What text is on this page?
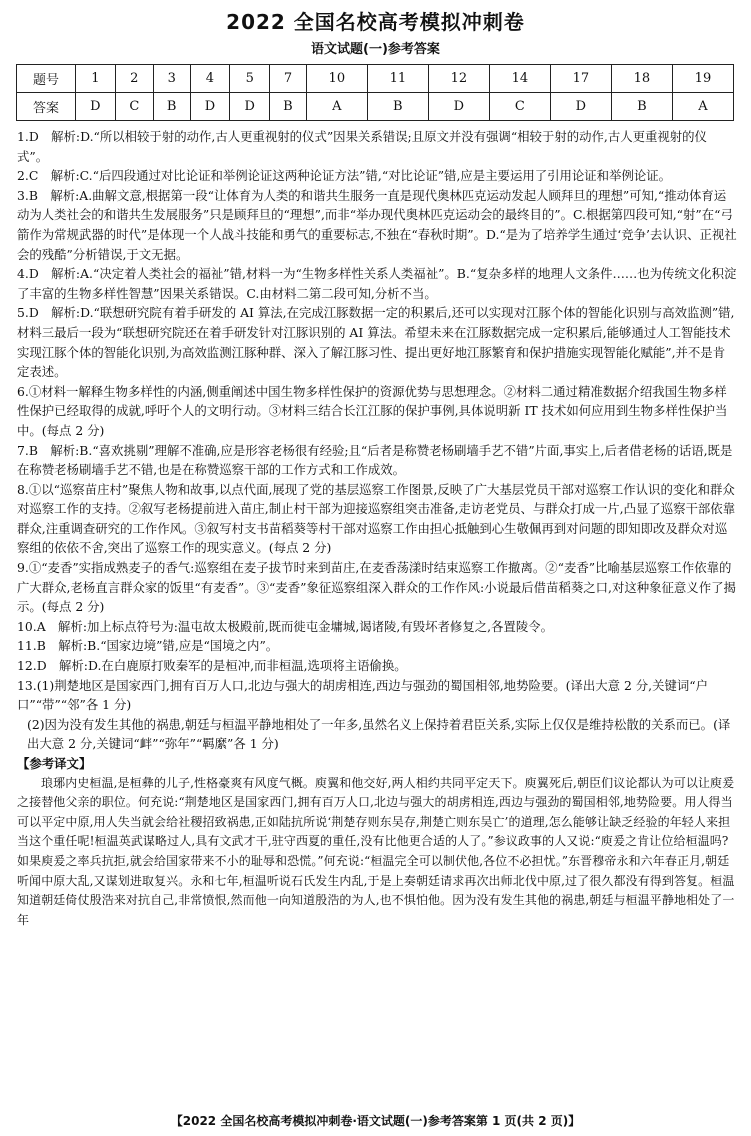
2022 全国名校高考模拟冲刺卷
语文试题(一)参考答案
题号	1	2	3	4	5	7	10	11	12	14	17	18	19
答案	D	C	B	D	D	B	A	B	D	C	D	B	A

1.D　解析:D.“所以相较于射的动作,古人更重视射的仪式”因果关系错误;且原文并没有强调“相较于射的动作,古人更重视射的仪式”。

2.C　解析:C.“后四段通过对比论证和举例论证这两种论证方法”错,“对比论证”错,应是主要运用了引用论证和举例论证。

3.B　解析:A.曲解文意,根据第一段“让体育为人类的和谐共生服务一直是现代奥林匹克运动发起人顾拜旦的理想”可知,“推动体育运动为人类社会的和谐共生发展服务”只是顾拜旦的“理想”,而非“举办现代奥林匹克运动会的最终目的”。C.根据第四段可知,“射”在“弓箭作为常规武器的时代”是体现一个人战斗技能和勇气的重要标志,不独在“春秋时期”。D.“是为了培养学生通过‘竞争’去认识、正视社会的残酷”分析错误,于文无据。

4.D　解析:A.“决定着人类社会的福祉”错,材料一为“生物多样性关系人类福祉”。B.“复杂多样的地理人文条件……也为传统文化积淀了丰富的生物多样性智慧”因果关系错误。C.由材料二第二段可知,分析不当。

5.D　解析:D.“联想研究院有着手研发的 AI 算法,在完成江豚数据一定的积累后,还可以实现对江豚个体的智能化识别与高效监测”错,材料三最后一段为“联想研究院还在着手研发针对江豚识别的 AI 算法。希望未来在江豚数据完成一定积累后,能够通过人工智能技术实现江豚个体的智能化识别,为高效监测江豚种群、深入了解江豚习性、提出更好地江豚繁育和保护措施实现智能化赋能”,并不是肯定表述。

6.①材料一解释生物多样性的内涵,侧重阐述中国生物多样性保护的资源优势与思想理念。②材料二通过精准数据介绍我国生物多样性保护已经取得的成就,呼吁个人的文明行动。③材料三结合长江江豚的保护事例,具体说明新 IT 技术如何应用到生物多样性保护当中。(每点 2 分)

7.B　解析:B.“喜欢挑剔”理解不准确,应是形容老杨很有经验;且“后者是称赞老杨刷墙手艺不错”片面,事实上,后者借老杨的话语,既是在称赞老杨刷墙手艺不错,也是在称赞巡察干部的工作方式和工作成效。

8.①以“巡察苗庄村”聚焦人物和故事,以点代面,展现了党的基层巡察工作图景,反映了广大基层党员干部对巡察工作认识的变化和群众对巡察工作的支持。②叙写老杨提前进入苗庄,制止村干部为迎接巡察组突击准备,走访老党员、与群众打成一片,凸显了巡察干部依靠群众,注重调查研究的工作作风。③叙写村支书苗稻葵等村干部对巡察工作由担心抵触到心生敬佩再到对问题的即知即改及群众对巡察组的依依不舍,突出了巡察工作的现实意义。(每点 2 分)

9.①“麦香”实指成熟麦子的香气:巡察组在麦子拔节时来到苗庄,在麦香荡漾时结束巡察工作撤离。②“麦香”比喻基层巡察工作依靠的广大群众,老杨直言群众家的饭里“有麦香”。③“麦香”象征巡察组深入群众的工作作风:小说最后借苗稻葵之口,对这种象征意义作了揭示。(每点 2 分)

10.A　解析:加上标点符号为:温屯故太极殿前,既而徙屯金墉城,谒诸陵,有毁坏者修复之,各置陵令。

11.B　解析:B.“国家边境”错,应是“国境之内”。

12.D　解析:D.在白鹿原打败秦军的是桓冲,而非桓温,选项将主语偷换。

13.(1)荆楚地区是国家西门,拥有百万人口,北边与强大的胡虏相连,西边与强劲的蜀国相邻,地势险要。(译出大意 2 分,关键词“户口”“带”“邻”各 1 分)

(2)因为没有发生其他的祸患,朝廷与桓温平静地相处了一年多,虽然名义上保持着君臣关系,实际上仅仅是维持松散的关系而已。(译出大意 2 分,关键词“衅”“弥年”“羁縻”各 1 分)

【参考译文】

琅琊内史桓温,是桓彝的儿子,性格豪爽有风度气概。庾翼和他交好,两人相约共同平定天下。庾翼死后,朝臣们议论都认为可以让庾爰之接替他父亲的职位。何充说:“荆楚地区是国家西门,拥有百万人口,北边与强大的胡虏相连,西边与强劲的蜀国相邻,地势险要。用人得当可以平定中原,用人失当就会给社稷招致祸患,正如陆抗所说‘荆楚存则东吴存,荆楚亡则东吴亡’的道理,怎么能够让缺乏经验的年轻人来担当这个重任呢!桓温英武谋略过人,具有文武才干,驻守西夏的重任,没有比他更合适的人了。”参议政事的人又说:“庾爰之肯让位给桓温吗?如果庾爰之率兵抗拒,就会给国家带来不小的耻辱和恐慌。”何充说:“桓温完全可以制伏他,各位不必担忧。”东晋穆帝永和六年春正月,朝廷听闻中原大乱,又谋划进取复兴。永和七年,桓温听说石氏发生内乱,于是上奏朝廷请求再次出师北伐中原,过了很久都没有得到答复。桓温知道朝廷倚仗殷浩来对抗自己,非常愤恨,然而他一向知道殷浩的为人,也不惧怕他。因为没有发生其他的祸患,朝廷与桓温平静地相处了一年

【2022 全国名校高考模拟冲刺卷·语文试题(一)参考答案第 1 页(共 2 页)】
